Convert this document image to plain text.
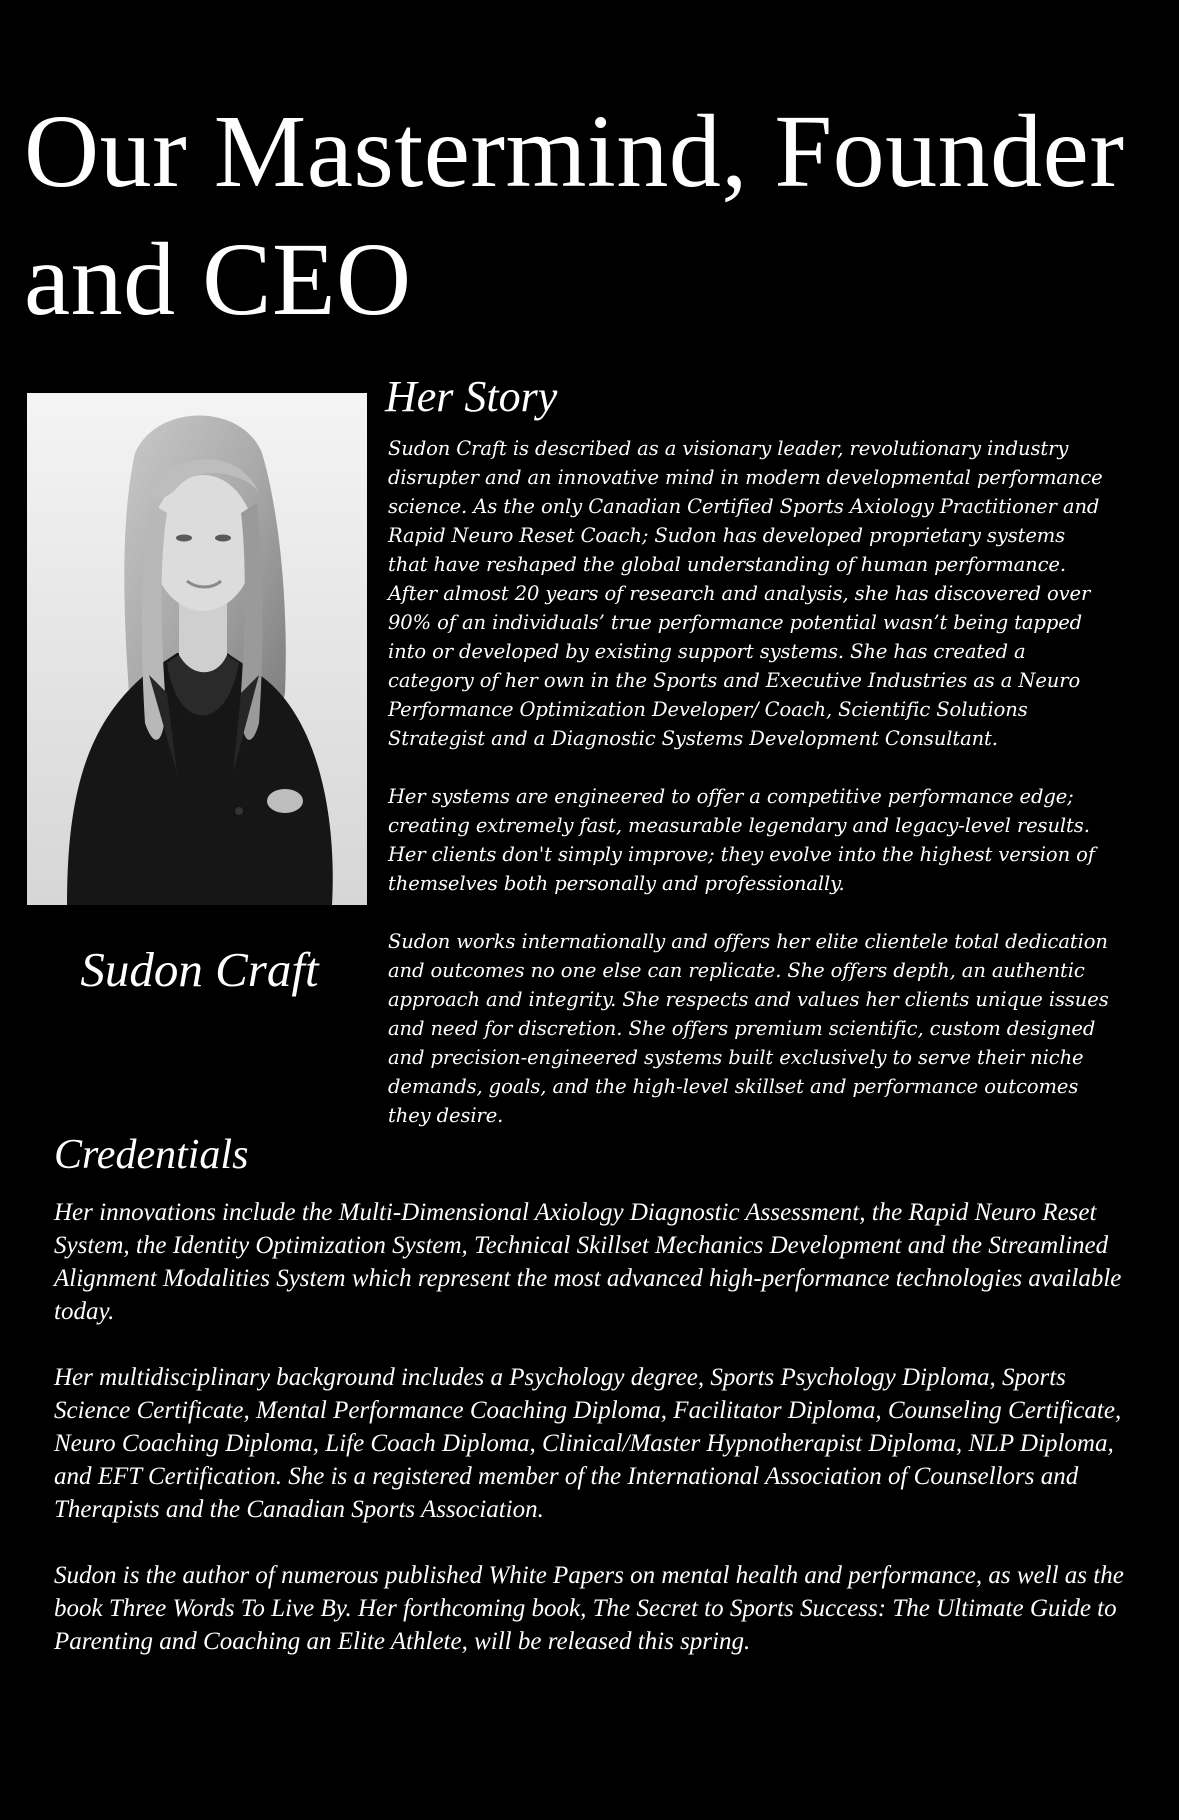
Our Mastermind, Founder and CEO
Sudon Craft
Her Story

Sudon Craft is described as a visionary leader, revolutionary industry disrupter and an innovative mind in modern developmental performance science. As the only Canadian Certified Sports Axiology Practitioner and Rapid Neuro Reset Coach; Sudon has developed proprietary systems that have reshaped the global understanding of human performance. After almost 20 years of research and analysis, she has discovered over 90% of an individuals’ true performance potential wasn’t being tapped into or developed by existing support systems. She has created a category of her own in the Sports and Executive Industries as a Neuro Performance Optimization Developer/ Coach, Scientific Solutions Strategist and a Diagnostic Systems Development Consultant.

Her systems are engineered to offer a competitive performance edge; creating extremely fast, measurable legendary and legacy-level results. Her clients don't simply improve; they evolve into the highest version of themselves both personally and professionally.

Sudon works internationally and offers her elite clientele total dedication and outcomes no one else can replicate. She offers depth, an authentic approach and integrity. She respects and values her clients unique issues and need for discretion. She offers premium scientific, custom designed and precision-engineered systems built exclusively to serve their niche demands, goals, and the high-level skillset and performance outcomes they desire.

Credentials

Her innovations include the Multi-Dimensional Axiology Diagnostic Assessment, the Rapid Neuro Reset System, the Identity Optimization System, Technical Skillset Mechanics Development and the Streamlined Alignment Modalities System which represent the most advanced high-performance technologies available today.

Her multidisciplinary background includes a Psychology degree, Sports Psychology Diploma, Sports Science Certificate, Mental Performance Coaching Diploma, Facilitator Diploma, Counseling Certificate, Neuro Coaching Diploma, Life Coach Diploma, Clinical/Master Hypnotherapist Diploma, NLP Diploma, and EFT Certification. She is a registered member of the International Association of Counsellors and Therapists and the Canadian Sports Association.

Sudon is the author of numerous published White Papers on mental health and performance, as well as the book Three Words To Live By. Her forthcoming book, The Secret to Sports Success: The Ultimate Guide to Parenting and Coaching an Elite Athlete, will be released this spring.
